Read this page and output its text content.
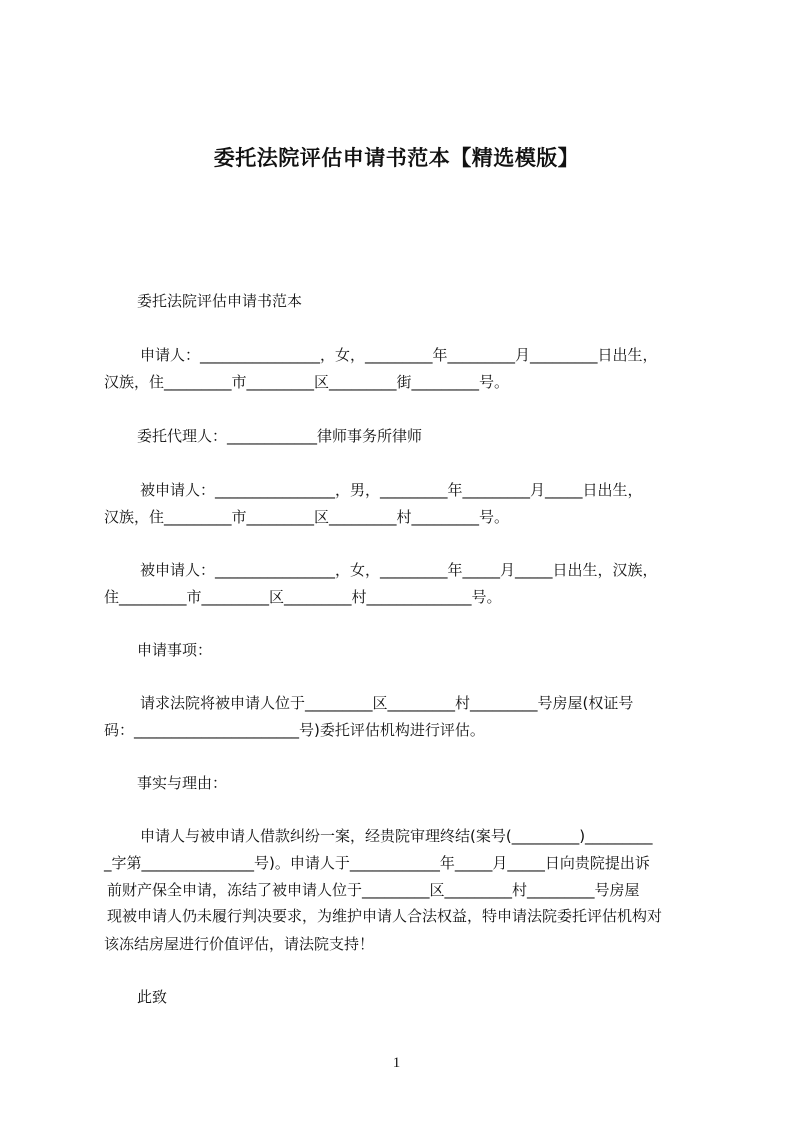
委托法院评估申请书范本【精选模版】
委托法院评估申请书范本
申请人：________________，女，_________年_________月_________日出生，
汉族，住_________市_________区_________街_________号。
委托代理人：____________律师事务所律师
被申请人：________________，男，_________年_________月_____日出生，
汉族，住_________市_________区_________村_________号。
被申请人：________________，女，_________年_____月_____日出生，汉族，
住_________市_________区_________村______________号。
申请事项：
请求法院将被申请人位于_________区_________村_________号房屋(权证号
码：______________________号)委托评估机构进行评估。
事实与理由：
申请人与被申请人借款纠纷一案，经贵院审理终结(案号(_________)_________
_字第_______________号)。申请人于____________年_____月_____日向贵院提出诉
前财产保全申请，冻结了被申请人位于_________区_________村_________号房屋
现被申请人仍未履行判决要求，为维护申请人合法权益，特申请法院委托评估机构对
该冻结房屋进行价值评估，请法院支持！
此致
1
